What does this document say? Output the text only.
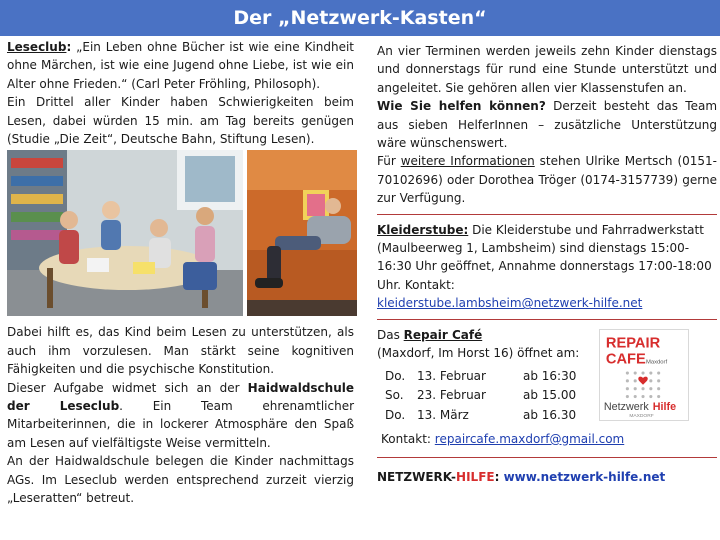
Der „Netzwerk-Kasten“

Leseclub: „Ein Leben ohne Bücher ist wie eine Kindheit ohne Märchen, ist wie eine Jugend ohne Liebe, ist wie ein Alter ohne Frieden.“ (Carl Peter Fröhling, Philosoph).

Ein Drittel aller Kinder haben Schwierigkeiten beim Lesen, dabei würden 15 min. am Tag bereits genügen (Studie „Die Zeit“, Deutsche Bahn, Stiftung Lesen).

Dabei hilft es, das Kind beim Lesen zu unterstützen, als auch ihm vorzulesen. Man stärkt seine kognitiven Fähigkeiten und die psychische Konstitution.

Dieser Aufgabe widmet sich an der Haidwaldschule der Leseclub. Ein Team ehrenamtlicher Mitarbeiterinnen, die in lockerer Atmosphäre den Spaß am Lesen auf vielfältigste Weise vermitteln.

An der Haidwaldschule belegen die Kinder nachmittags AGs. Im Leseclub werden entsprechend zurzeit vierzig „Leseratten“ betreut.

An vier Terminen werden jeweils zehn Kinder dienstags und donnerstags für rund eine Stunde unterstützt und angeleitet. Sie gehören allen vier Klassenstufen an.

Wie Sie helfen können? Derzeit besteht das Team aus sieben HelferInnen – zusätzliche Unterstützung wäre wünschenswert.

Für weitere Informationen stehen Ulrike Mertsch (0151-70102696) oder Dorothea Tröger (0174-3157739) gerne zur Verfügung.

Kleiderstube: Die Kleiderstube und Fahrradwerkstatt (Maulbeerweg 1, Lambsheim) sind dienstags 15:00-16:30 Uhr geöffnet, Annahme donnerstags 17:00-18:00 Uhr. Kontakt:

kleiderstube.lambsheim@netzwerk-hilfe.net

Das Repair Café

(Maxdorf, Im Horst 16) öffnet am:

Do.	13. Februar	ab 16:30
So.	23. Februar	ab 15.00
Do.	13. März	ab 16.30
REPAIR
CAFE Maxdorf
Netzwerk Hilfe
MAXDORF

Kontakt: repaircafe.maxdorf@gmail.com

NETZWERK-HILFE: www.netzwerk-hilfe.net
